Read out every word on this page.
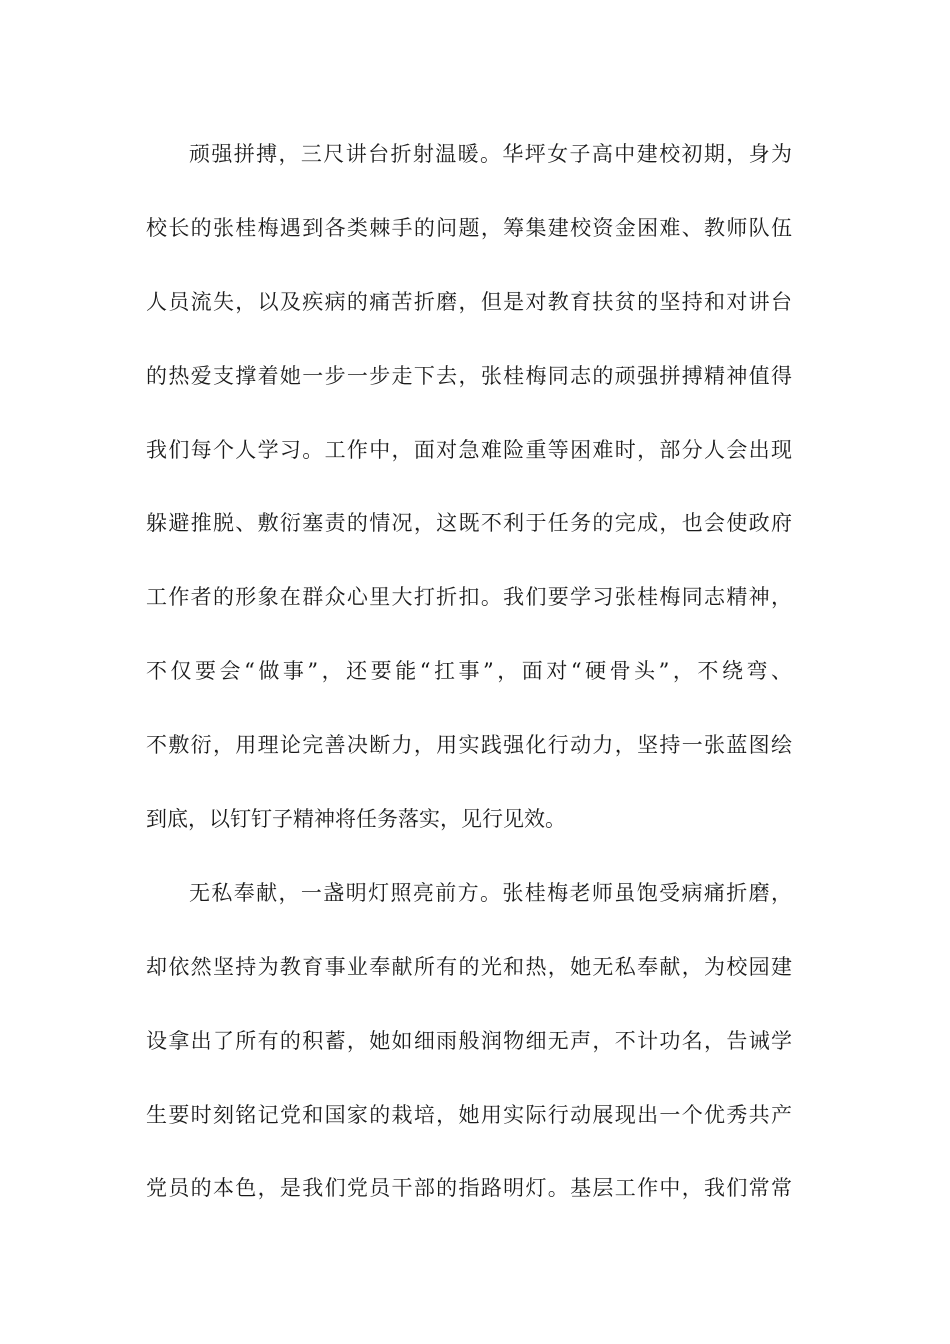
顽强拼搏，三尺讲台折射温暖。华坪女子高中建校初期，身为
校长的张桂梅遇到各类棘手的问题，筹集建校资金困难、教师队伍
人员流失，以及疾病的痛苦折磨，但是对教育扶贫的坚持和对讲台
的热爱支撑着她一步一步走下去，张桂梅同志的顽强拼搏精神值得
我们每个人学习。工作中，面对急难险重等困难时，部分人会出现
躲避推脱、敷衍塞责的情况，这既不利于任务的完成，也会使政府
工作者的形象在群众心里大打折扣。我们要学习张桂梅同志精神，
不仅要会“做事”，还要能“扛事”，面对“硬骨头”，不绕弯、
不敷衍，用理论完善决断力，用实践强化行动力，坚持一张蓝图绘
到底，以钉钉子精神将任务落实，见行见效。
无私奉献，一盏明灯照亮前方。张桂梅老师虽饱受病痛折磨，
却依然坚持为教育事业奉献所有的光和热，她无私奉献，为校园建
设拿出了所有的积蓄，她如细雨般润物细无声，不计功名，告诫学
生要时刻铭记党和国家的栽培，她用实际行动展现出一个优秀共产
党员的本色，是我们党员干部的指路明灯。基层工作中，我们常常
